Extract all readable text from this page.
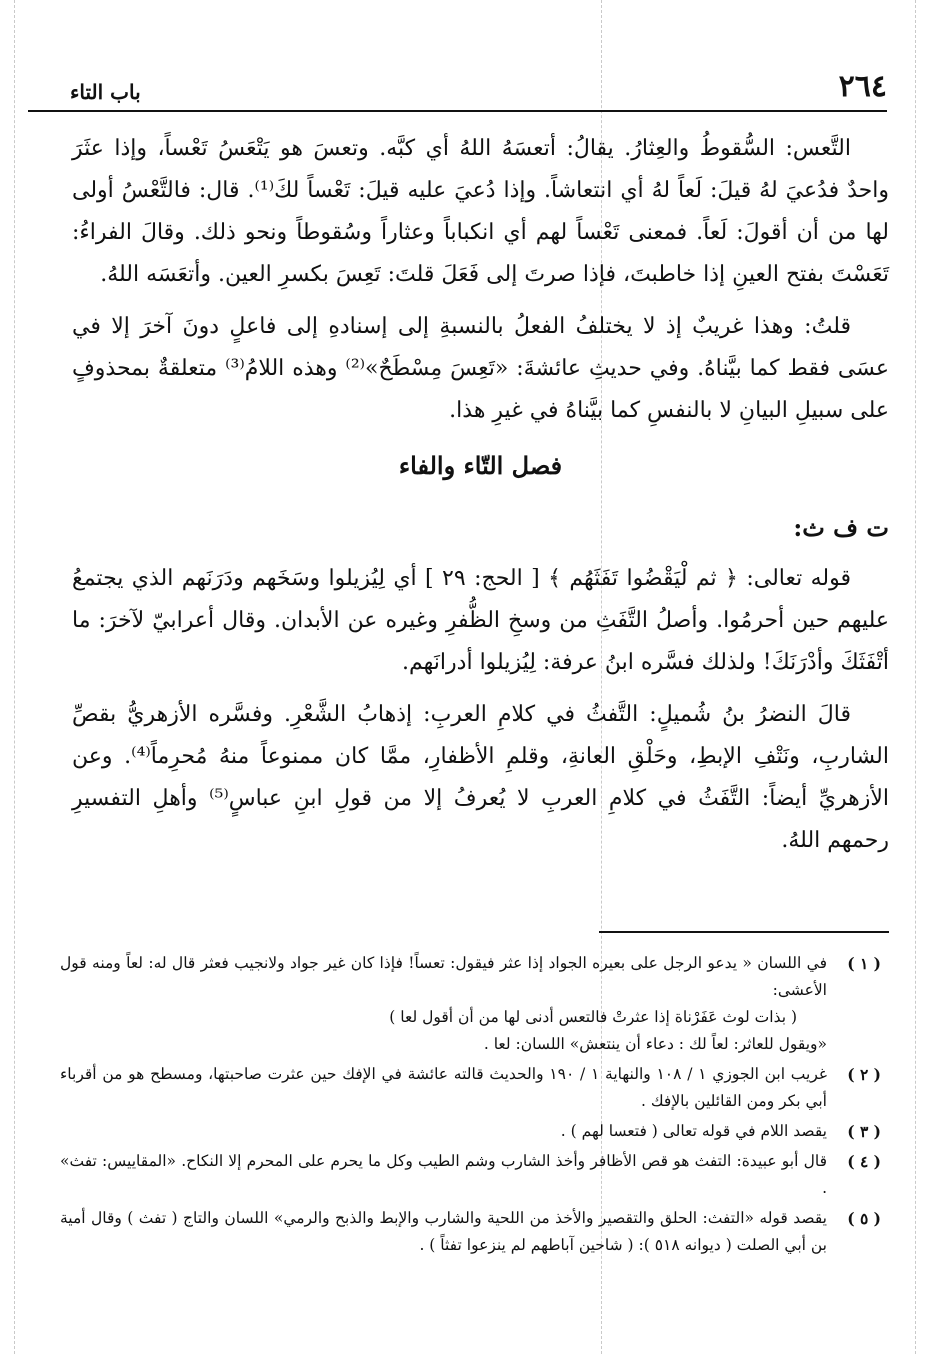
٢٦٤
باب التاء

التَّعس: السُّقوطُ والعِثارُ. يقالُ: أتعسَهُ اللهُ أي كبَّه. وتعسَ هو يَتْعَسُ تَعْساً، وإذا عثَرَ واحدٌ فدُعيَ لهُ قيلَ: لَعاً لهُ أي انتعاشاً. وإذا دُعيَ عليه قيلَ: تَعْساً لكَ⁽¹⁾. قال: فالتَّعْسُ أولى لها من أن أقولَ: لَعاً. فمعنى تَعْساً لهم أي انكباباً وعثاراً وسُقوطاً ونحو ذلك. وقالَ الفراءُ: تَعَسْتَ بفتح العينِ إذا خاطبتَ، فإذا صرتَ إلى فَعَلَ قلتَ: تَعِسَ بكسرِ العين. وأتعَسَه اللهُ.

قلتُ: وهذا غريبٌ إذ لا يختلفُ الفعلُ بالنسبةِ إلى إسنادهِ إلى فاعلٍ دونَ آخرَ إلا في عسَى فقط كما بيَّناهُ. وفي حديثِ عائشةَ: «تَعِسَ مِسْطَحٌ»⁽²⁾ وهذه اللامُ⁽³⁾ متعلقةٌ بمحذوفٍ على سبيلِ البيانِ لا بالنفسِ كما بيَّناهُ في غيرِ هذا.

فصل التّاء والفاء
ت ف ث:

قوله تعالى: ﴿ ثم لْيَقْضُوا تَفَثَهُم ﴾ [ الحج: ٢٩ ] أي لِيُزيلوا وسَخَهم ودَرَنَهم الذي يجتمعُ عليهم حين أحرمُوا. وأصلُ التَّفَثِ من وسخِ الظُّفرِ وغيره عن الأبدان. وقال أعرابيّ لآخرَ: ما أتْفَثَكَ وأدْرَنَكَ! ولذلك فسَّره ابنُ عرفة: لِيُزيلوا أدرانَهم.

قالَ النضرُ بنُ شُميلٍ: التَّفثُ في كلامِ العربِ: إذهابُ الشَّعْرِ. وفسَّره الأزهريُّ بقصِّ الشاربِ، ونَتْفِ الإبطِ، وحَلْقِ العانةِ، وقلمِ الأظفارِ، ممَّا كان ممنوعاً منهُ مُحرِماً⁽⁴⁾. وعن الأزهريِّ أيضاً: التَّفَثُ في كلامِ العربِ لا يُعرفُ إلا من قولِ ابنِ عباسٍ⁽⁵⁾ وأهلِ التفسيرِ رحمهم اللهُ.

( ١ )
في اللسان « يدعو الرجل على بعيره الجواد إذا عثر فيقول: تعساً! فإذا كان غير جواد ولانجيب فعثر قال له: لعاً ومنه قول الأعشى:
( بذات لوث عَفَرْناة إذا عثرتْ فالتعس أدنى لها من أن أقول لعا )
«ويقول للعاثر: لعاً لك : دعاء أن ينتعش» اللسان: لعا .
( ٢ )
غريب ابن الجوزي ١ / ١٠٨ والنهاية ١ / ١٩٠ والحديث قالته عائشة في الإفك حين عثرت صاحبتها، ومسطح هو من أقرباء أبي بكر ومن القائلين بالإفك .
( ٣ )
يقصد اللام في قوله تعالى ( فتعسا لهم ) .
( ٤ )
قال أبو عبيدة: التفث هو قص الأظافر وأخذ الشارب وشم الطيب وكل ما يحرم على المحرم إلا النكاح. «المقاييس: تفث» .
( ٥ )
يقصد قوله «التفث: الحلق والتقصير والأخذ من اللحية والشارب والإبط والذبح والرمي» اللسان والتاج ( تفث ) وقال أمية بن أبي الصلت ( ديوانه ٥١٨ ): ( شاحين آباطهم لم ينزعوا تفثاً ) .
